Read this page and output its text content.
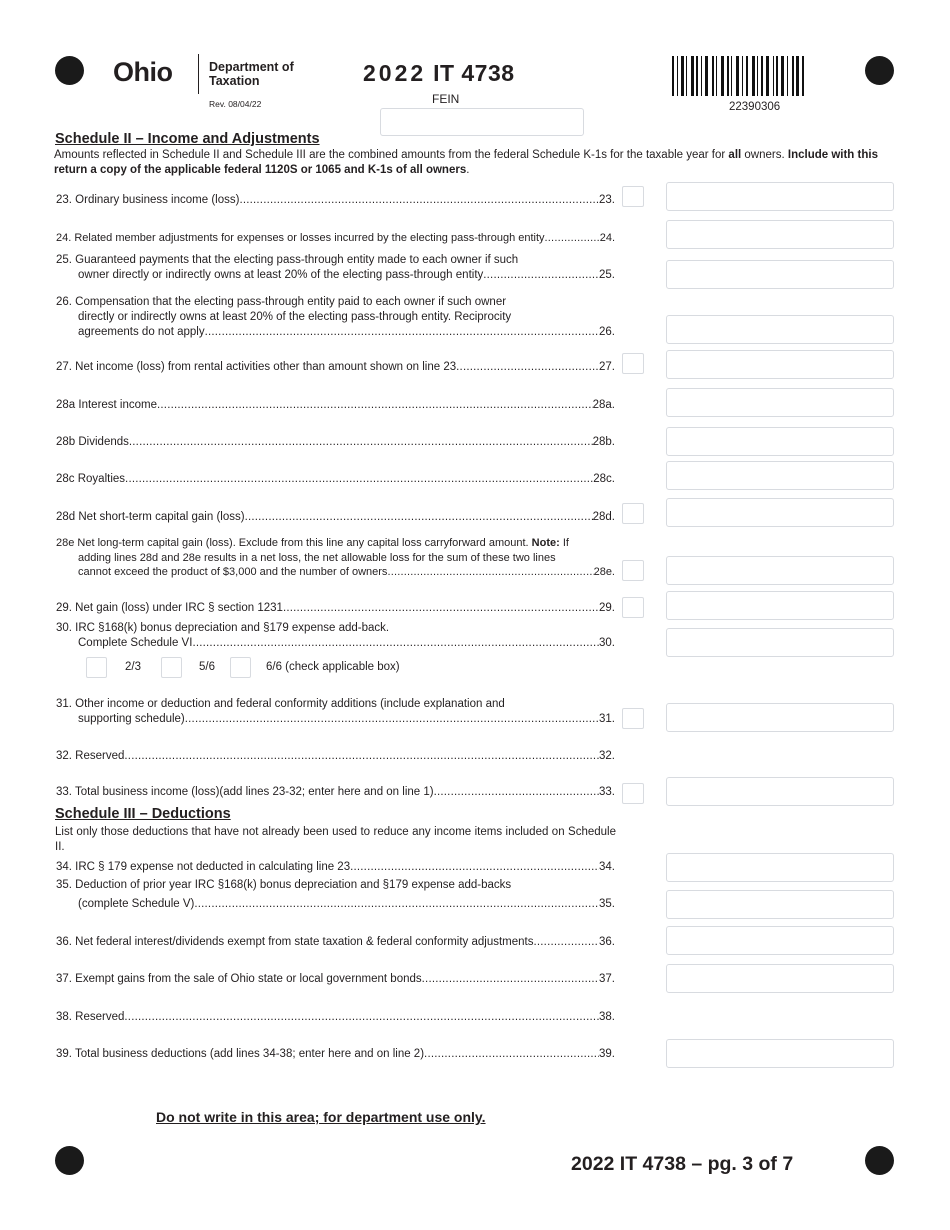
Ohio	Department of
Taxation
Rev. 08/04/22
2022 IT 4738
FEIN
22390306
Schedule II – Income and Adjustments
Amounts reflected in Schedule II and Schedule III are the combined amounts from the federal Schedule K-1s for the taxable year for all owners. Include with this return a copy of the applicable federal 1120S or 1065 and K-1s of all owners.
23. Ordinary business income (loss) .....	23.
24. Related member adjustments for expenses or losses incurred by the electing pass-through entity .....	24.
25. Guaranteed payments that the electing pass-through entity made to each owner if such
owner directly or indirectly owns at least 20% of the electing pass-through entity .....	25.
26. Compensation that the electing pass-through entity paid to each owner if such owner
directly or indirectly owns at least 20% of the electing pass-through entity. Reciprocity
agreements do not apply .....	26.
27. Net income (loss) from rental activities other than amount shown on line 23 .....	27.
28a Interest income .....	28a.
28b Dividends .....	28b.
28c Royalties .....	28c.
28d Net short-term capital gain (loss) .....	28d.
28e Net long-term capital gain (loss). Exclude from this line any capital loss carryforward amount. Note: If
adding lines 28d and 28e results in a net loss, the net allowable loss for the sum of these two lines
cannot exceed the product of $3,000 and the number of owners .....	28e.
29. Net gain (loss) under IRC § section 1231 .....	29.
30. IRC §168(k) bonus depreciation and §179 expense add-back.
Complete Schedule VI .....	30.
2/3	5/6	6/6 (check applicable box)
31. Other income or deduction and federal conformity additions (include explanation and
supporting schedule) .....	31.
32. Reserved .....	32.
33. Total business income (loss)(add lines 23-32; enter here and on line 1) .....	33.
Schedule III – Deductions
List only those deductions that have not already been used to reduce any income items included on Schedule II.
34. IRC § 179 expense not deducted in calculating line 23 .....	34.
35. Deduction of prior year IRC §168(k) bonus depreciation and §179 expense add-backs
(complete Schedule V) .....	35.
36. Net federal interest/dividends exempt from state taxation & federal conformity adjustments .....	36.
37. Exempt gains from the sale of Ohio state or local government bonds .....	37.
38. Reserved .....	38.
39. Total business deductions (add lines 34-38; enter here and on line 2) .....	39.
Do not write in this area; for department use only.
2022 IT 4738 – pg. 3 of 7
